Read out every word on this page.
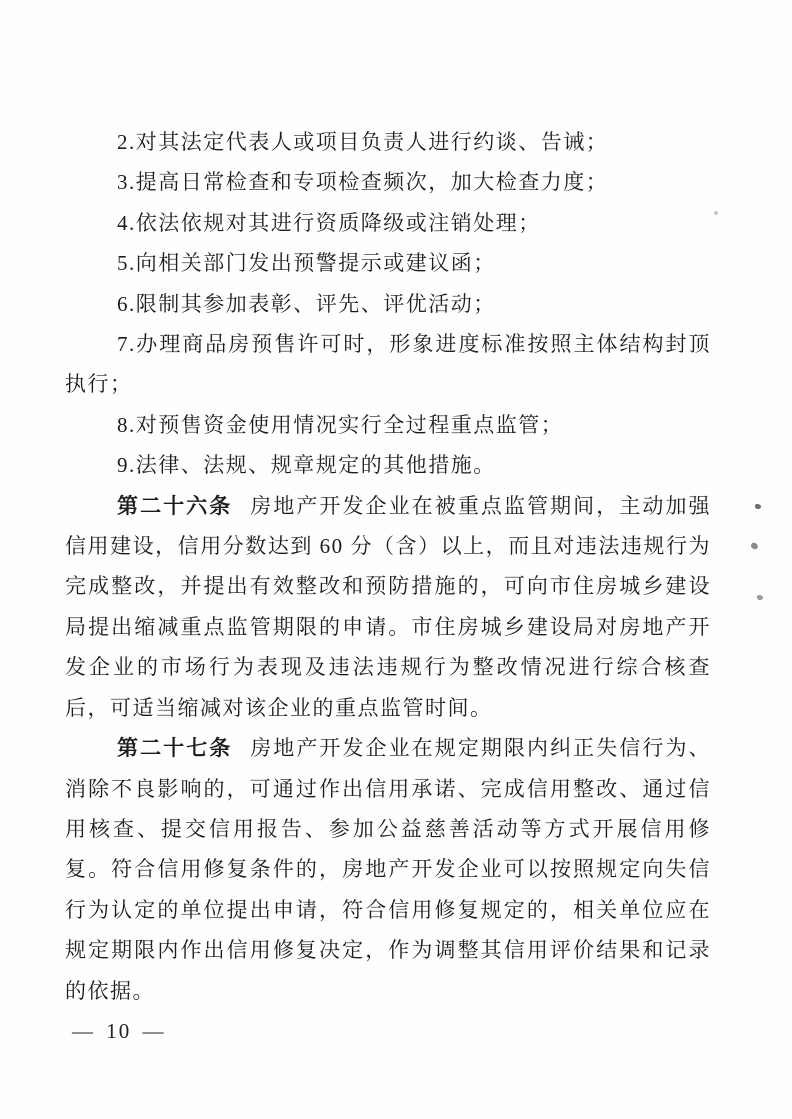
2.对其法定代表人或项目负责人进行约谈、告诫；

3.提高日常检查和专项检查频次，加大检查力度；

4.依法依规对其进行资质降级或注销处理；

5.向相关部门发出预警提示或建议函；

6.限制其参加表彰、评先、评优活动；

7.办理商品房预售许可时，形象进度标准按照主体结构封顶执行；

8.对预售资金使用情况实行全过程重点监管；

9.法律、法规、规章规定的其他措施。

第二十六条 房地产开发企业在被重点监管期间，主动加强信用建设，信用分数达到 60 分（含）以上，而且对违法违规行为完成整改，并提出有效整改和预防措施的，可向市住房城乡建设局提出缩减重点监管期限的申请。市住房城乡建设局对房地产开发企业的市场行为表现及违法违规行为整改情况进行综合核查后，可适当缩减对该企业的重点监管时间。

第二十七条 房地产开发企业在规定期限内纠正失信行为、消除不良影响的，可通过作出信用承诺、完成信用整改、通过信用核查、提交信用报告、参加公益慈善活动等方式开展信用修复。符合信用修复条件的，房地产开发企业可以按照规定向失信行为认定的单位提出申请，符合信用修复规定的，相关单位应在规定期限内作出信用修复决定，作为调整其信用评价结果和记录的依据。

— 10 —
